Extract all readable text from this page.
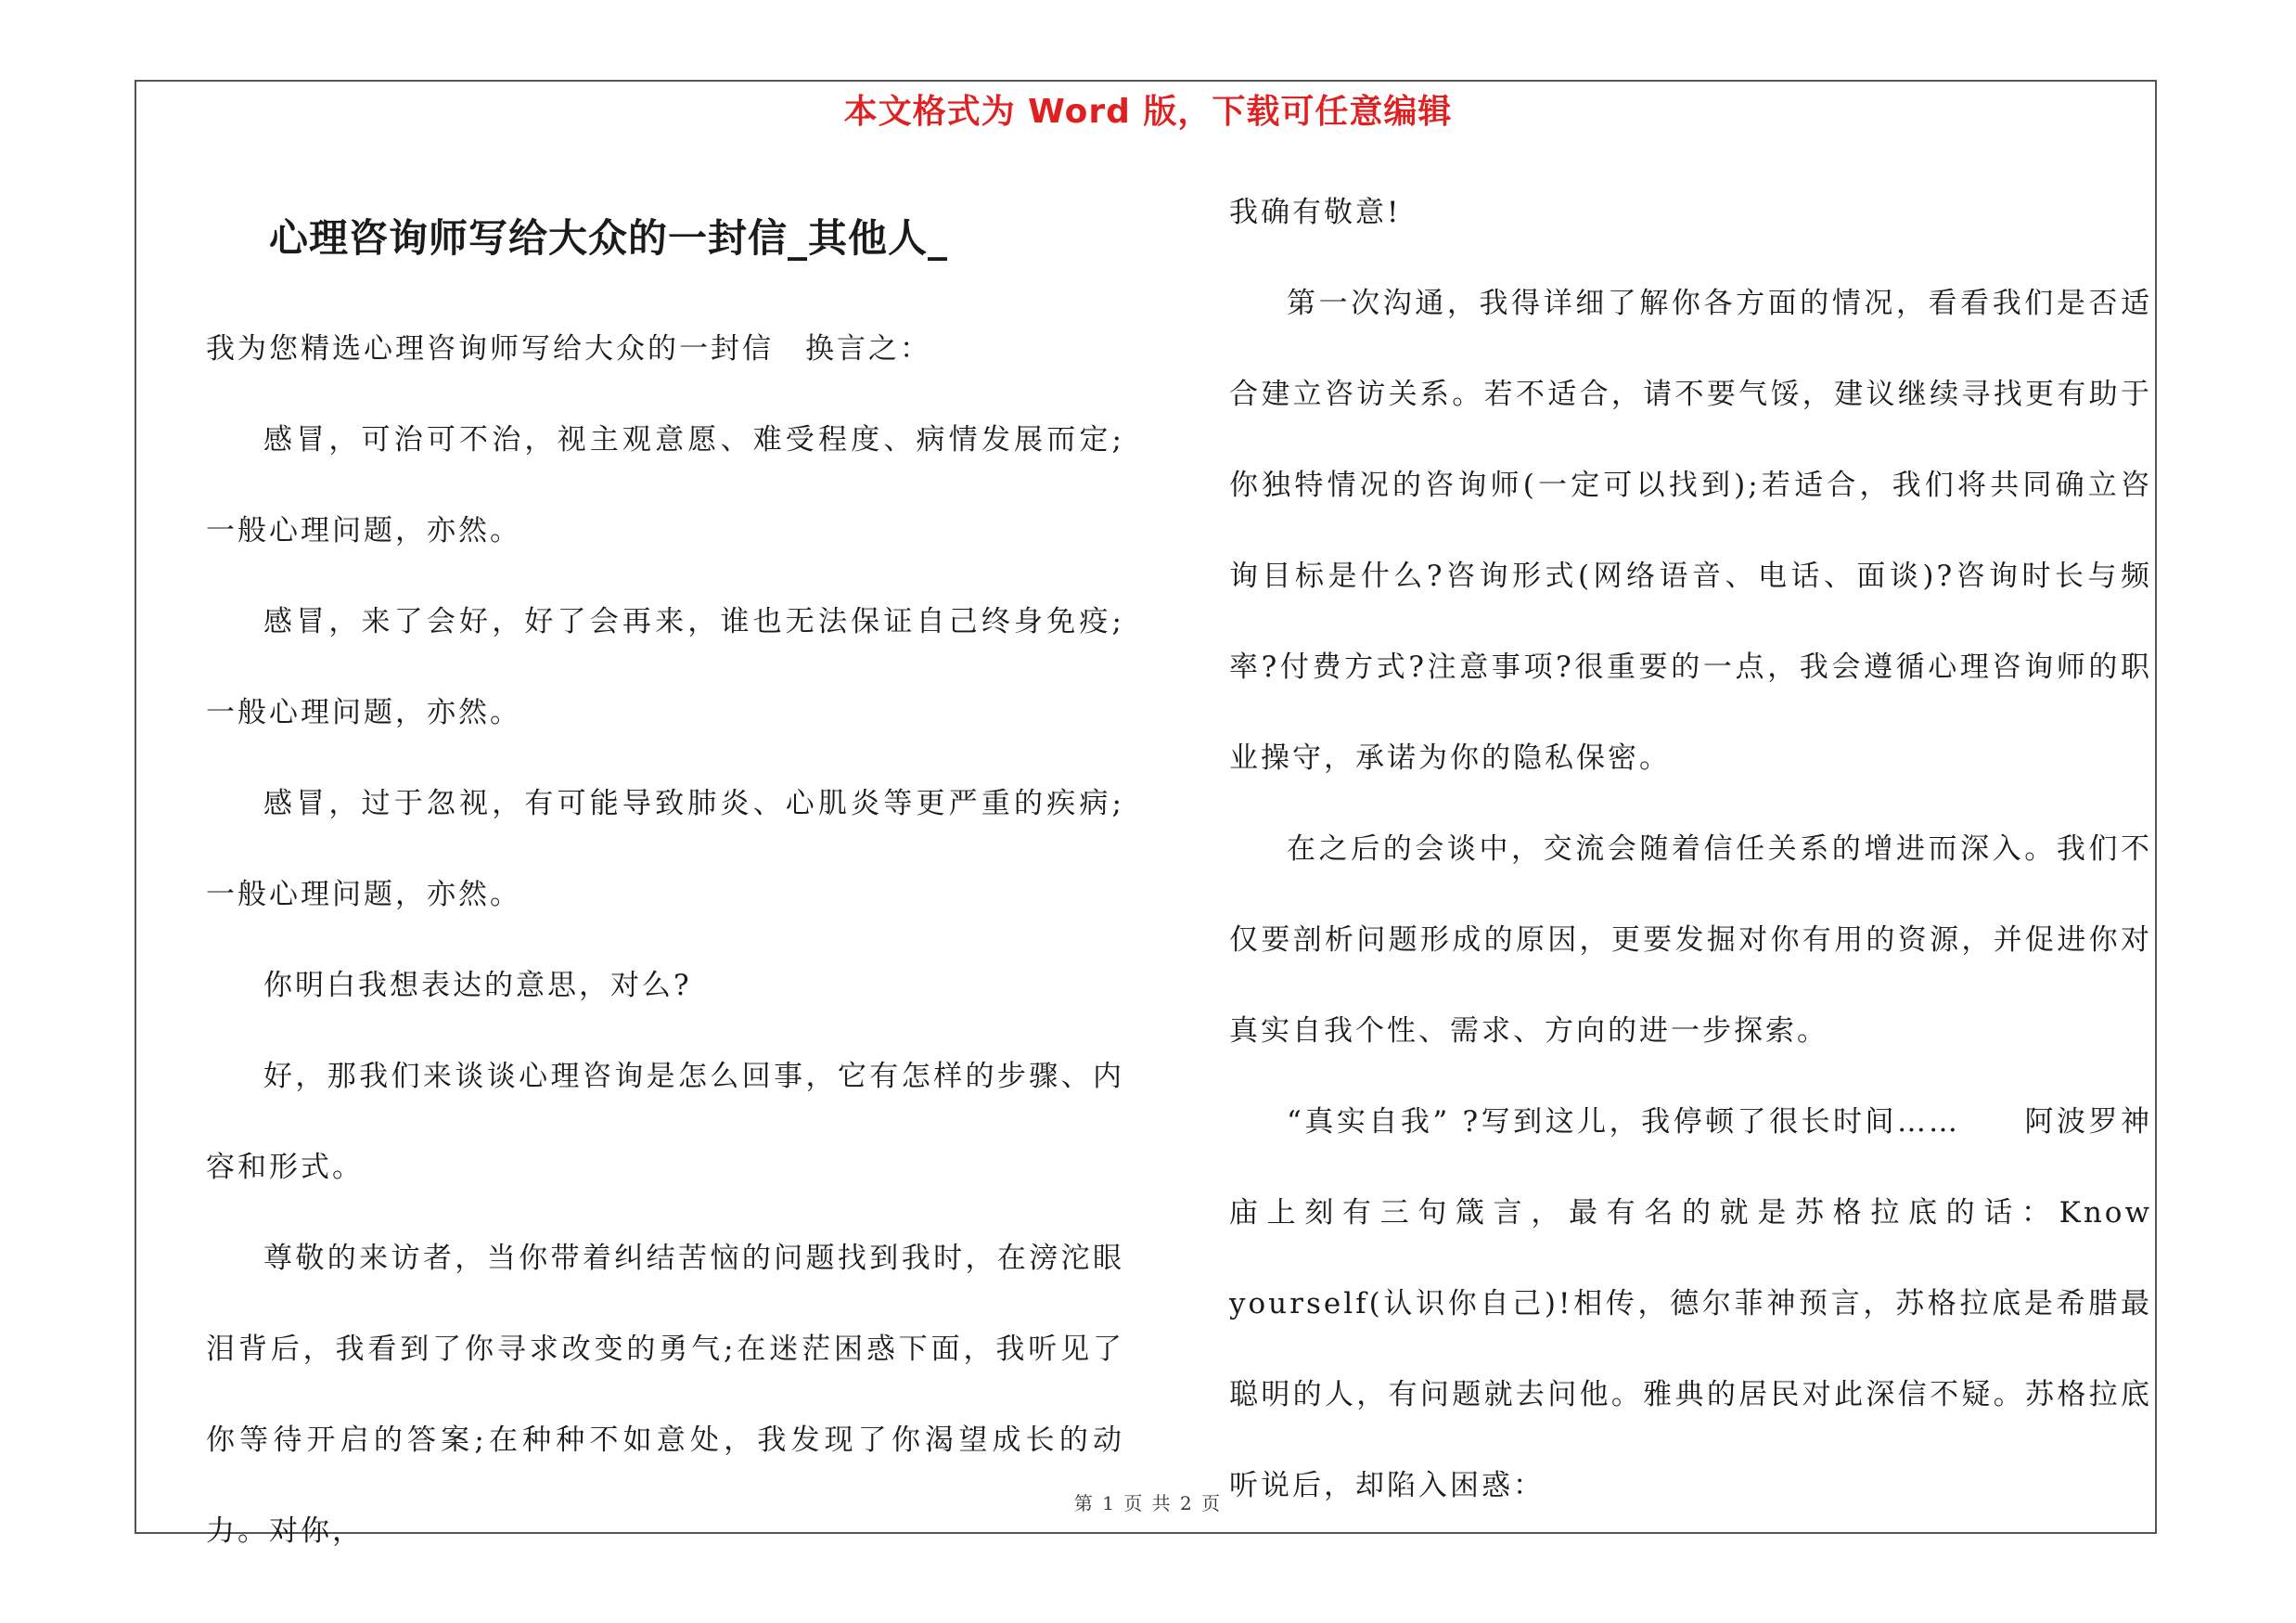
本文格式为 Word 版，下载可任意编辑
心理咨询师写给大众的一封信_其他人_

我为您精选心理咨询师写给大众的一封信　换言之：

感冒，可治可不治，视主观意愿、难受程度、病情发展而定;一般心理问题，亦然。

感冒，来了会好，好了会再来，谁也无法保证自己终身免疫;一般心理问题，亦然。

感冒，过于忽视，有可能导致肺炎、心肌炎等更严重的疾病;一般心理问题，亦然。

你明白我想表达的意思，对么?

好，那我们来谈谈心理咨询是怎么回事，它有怎样的步骤、内容和形式。

尊敬的来访者，当你带着纠结苦恼的问题找到我时，在滂沱眼泪背后，我看到了你寻求改变的勇气;在迷茫困惑下面，我听见了你等待开启的答案;在种种不如意处，我发现了你渴望成长的动力。对你，

我确有敬意!

第一次沟通，我得详细了解你各方面的情况，看看我们是否适合建立咨访关系。若不适合，请不要气馁，建议继续寻找更有助于你独特情况的咨询师(一定可以找到);若适合，我们将共同确立咨询目标是什么?咨询形式(网络语音、电话、面谈)?咨询时长与频率?付费方式?注意事项?很重要的一点，我会遵循心理咨询师的职业操守，承诺为你的隐私保密。

在之后的会谈中，交流会随着信任关系的增进而深入。我们不仅要剖析问题形成的原因，更要发掘对你有用的资源，并促进你对真实自我个性、需求、方向的进一步探索。

“真实自我” ?写到这儿，我停顿了很长时间……　　阿波罗神庙上刻有三句箴言，最有名的就是苏格拉底的话：Know yourself(认识你自己)!相传，德尔菲神预言，苏格拉底是希腊最聪明的人，有问题就去问他。雅典的居民对此深信不疑。苏格拉底听说后，却陷入困惑：

第 1 页 共 2 页
